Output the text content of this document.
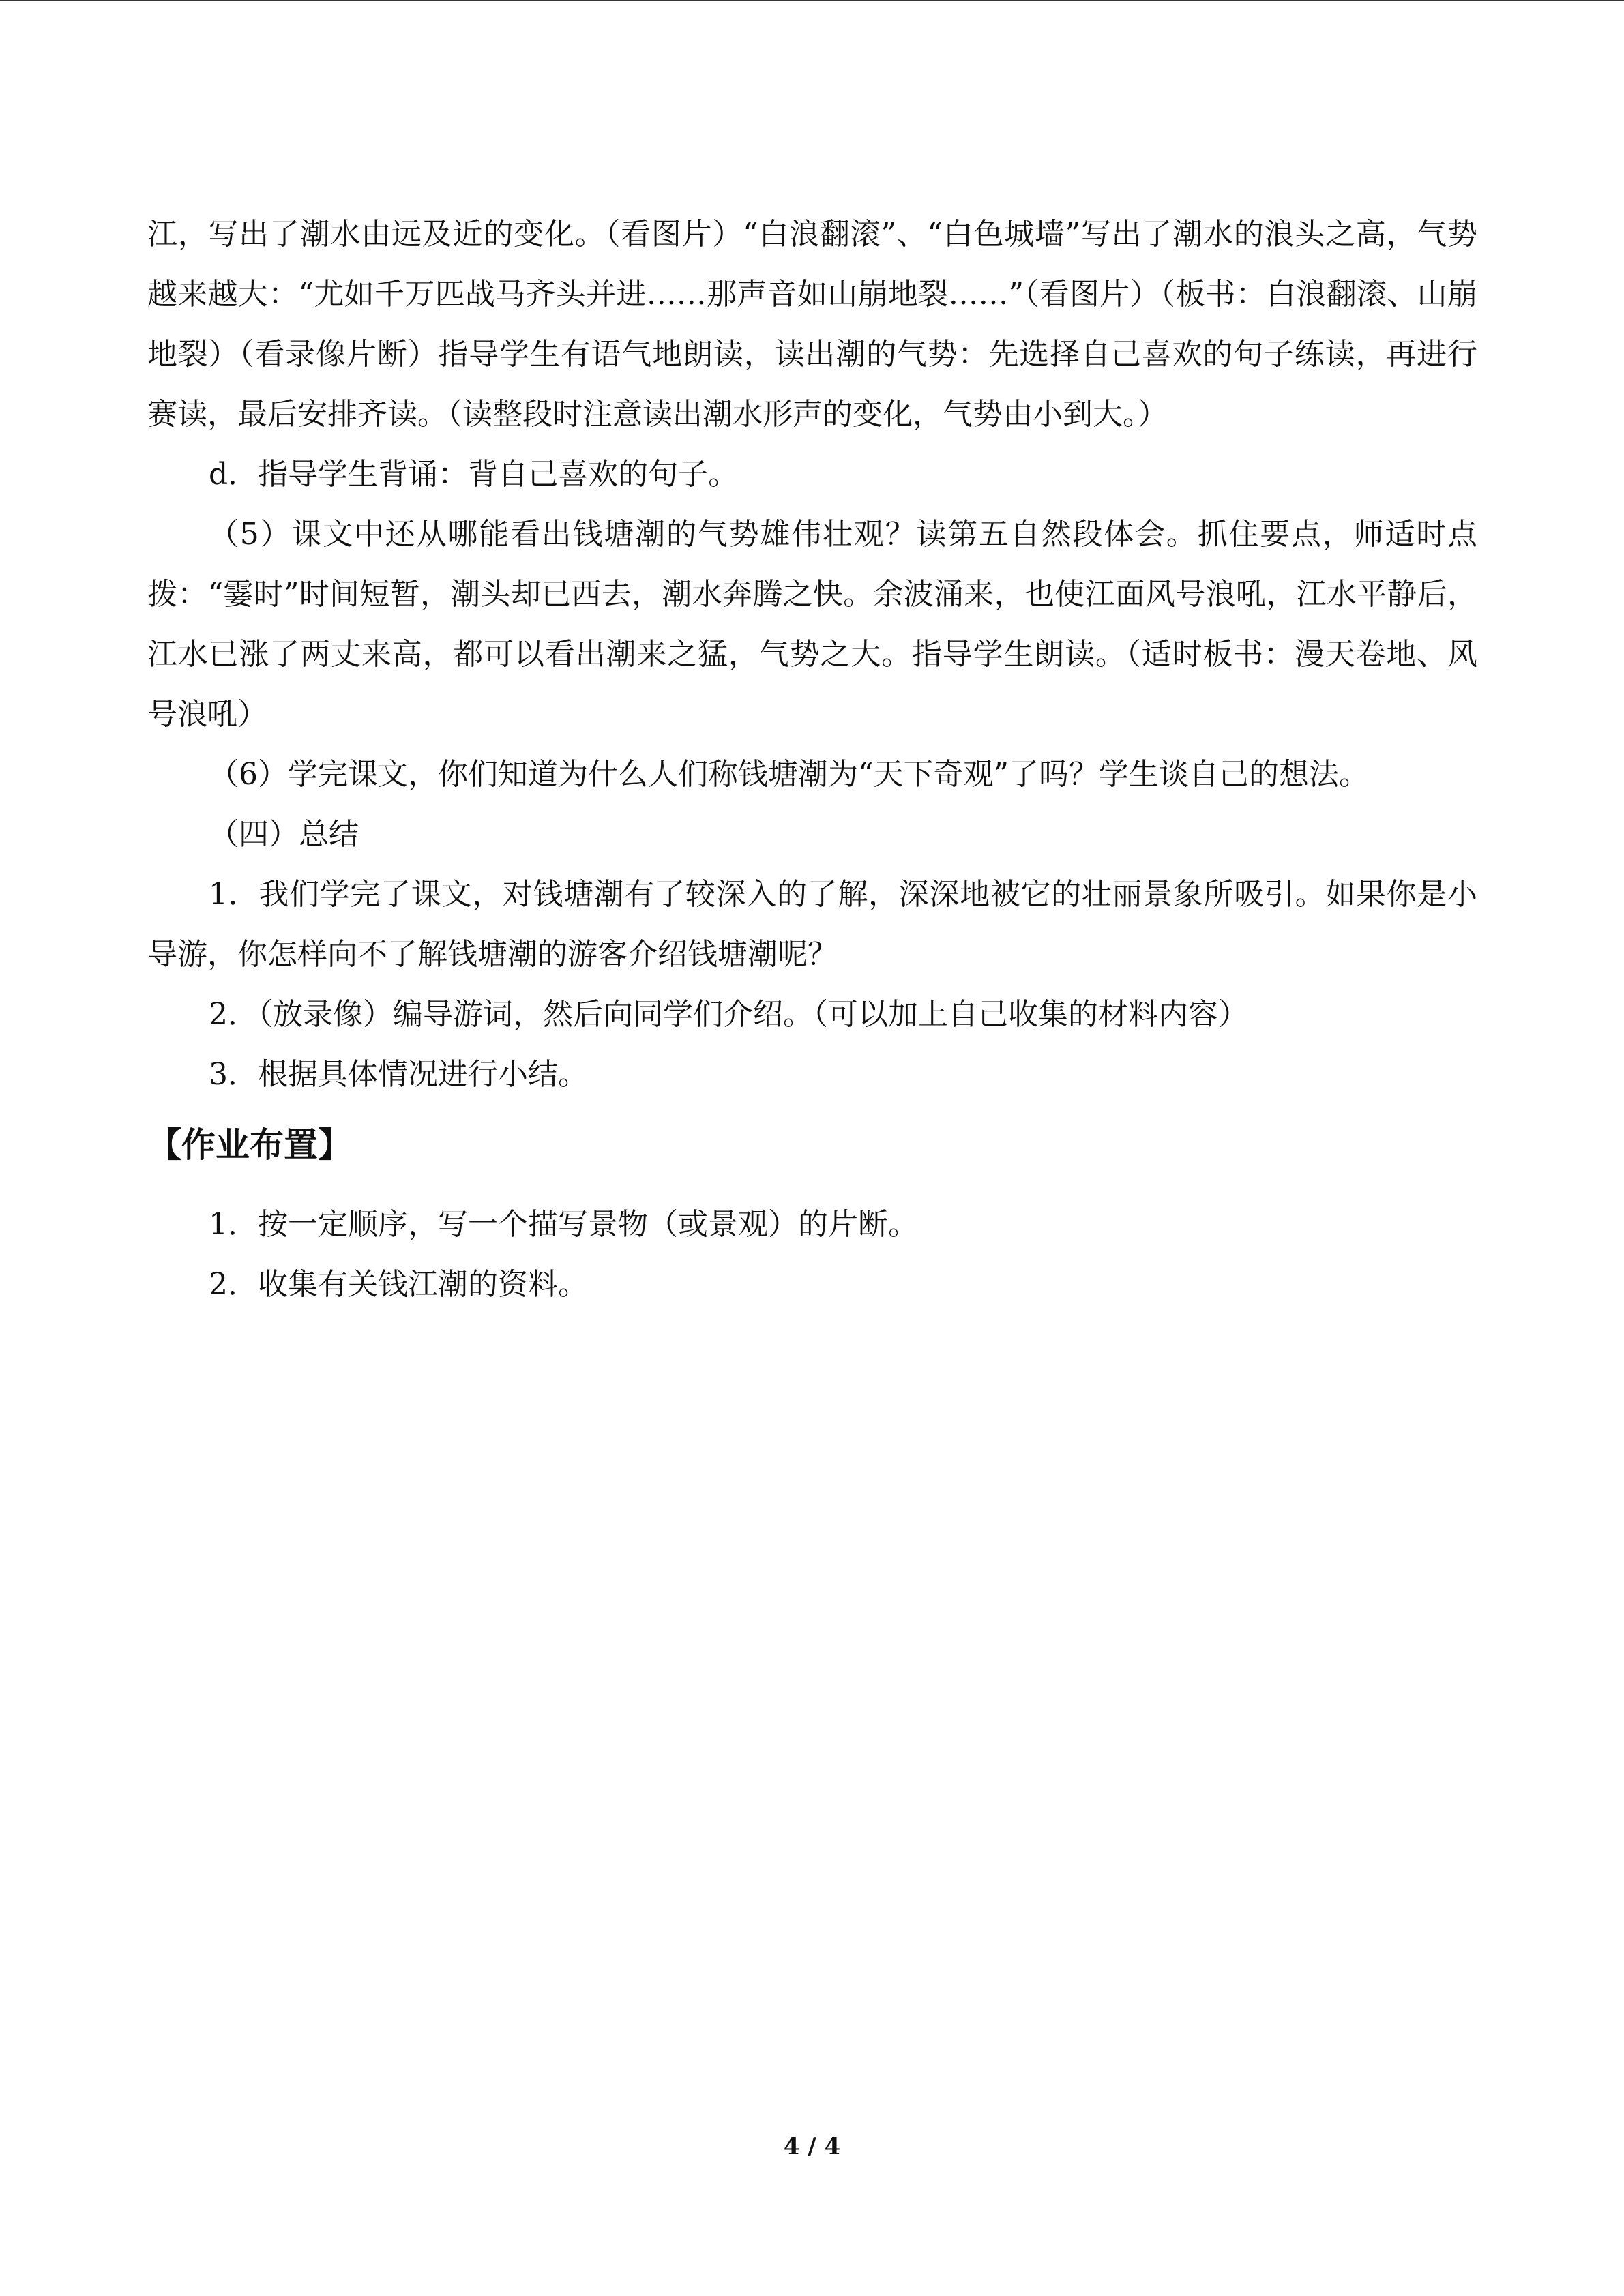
江，写出了潮水由远及近的变化。（看图片）“白浪翻滚”、“白色城墙”写出了潮水的浪头之高，气势越来越大：“尤如千万匹战马齐头并进……那声音如山崩地裂……”（看图片）（板书：白浪翻滚、山崩地裂）（看录像片断）指导学生有语气地朗读，读出潮的气势：先选择自己喜欢的句子练读，再进行赛读，最后安排齐读。（读整段时注意读出潮水形声的变化，气势由小到大。）

d．指导学生背诵：背自己喜欢的句子。

（5）课文中还从哪能看出钱塘潮的气势雄伟壮观？读第五自然段体会。抓住要点，师适时点拨：“霎时”时间短暂，潮头却已西去，潮水奔腾之快。余波涌来，也使江面风号浪吼，江水平静后，江水已涨了两丈来高，都可以看出潮来之猛，气势之大。指导学生朗读。（适时板书：漫天卷地、风号浪吼）

（6）学完课文，你们知道为什么人们称钱塘潮为“天下奇观”了吗？学生谈自己的想法。

（四）总结

1．我们学完了课文，对钱塘潮有了较深入的了解，深深地被它的壮丽景象所吸引。如果你是小导游，你怎样向不了解钱塘潮的游客介绍钱塘潮呢？

2．（放录像）编导游词，然后向同学们介绍。（可以加上自己收集的材料内容）

3．根据具体情况进行小结。

【作业布置】

1．按一定顺序，写一个描写景物（或景观）的片断。

2．收集有关钱江潮的资料。

4 / 4
